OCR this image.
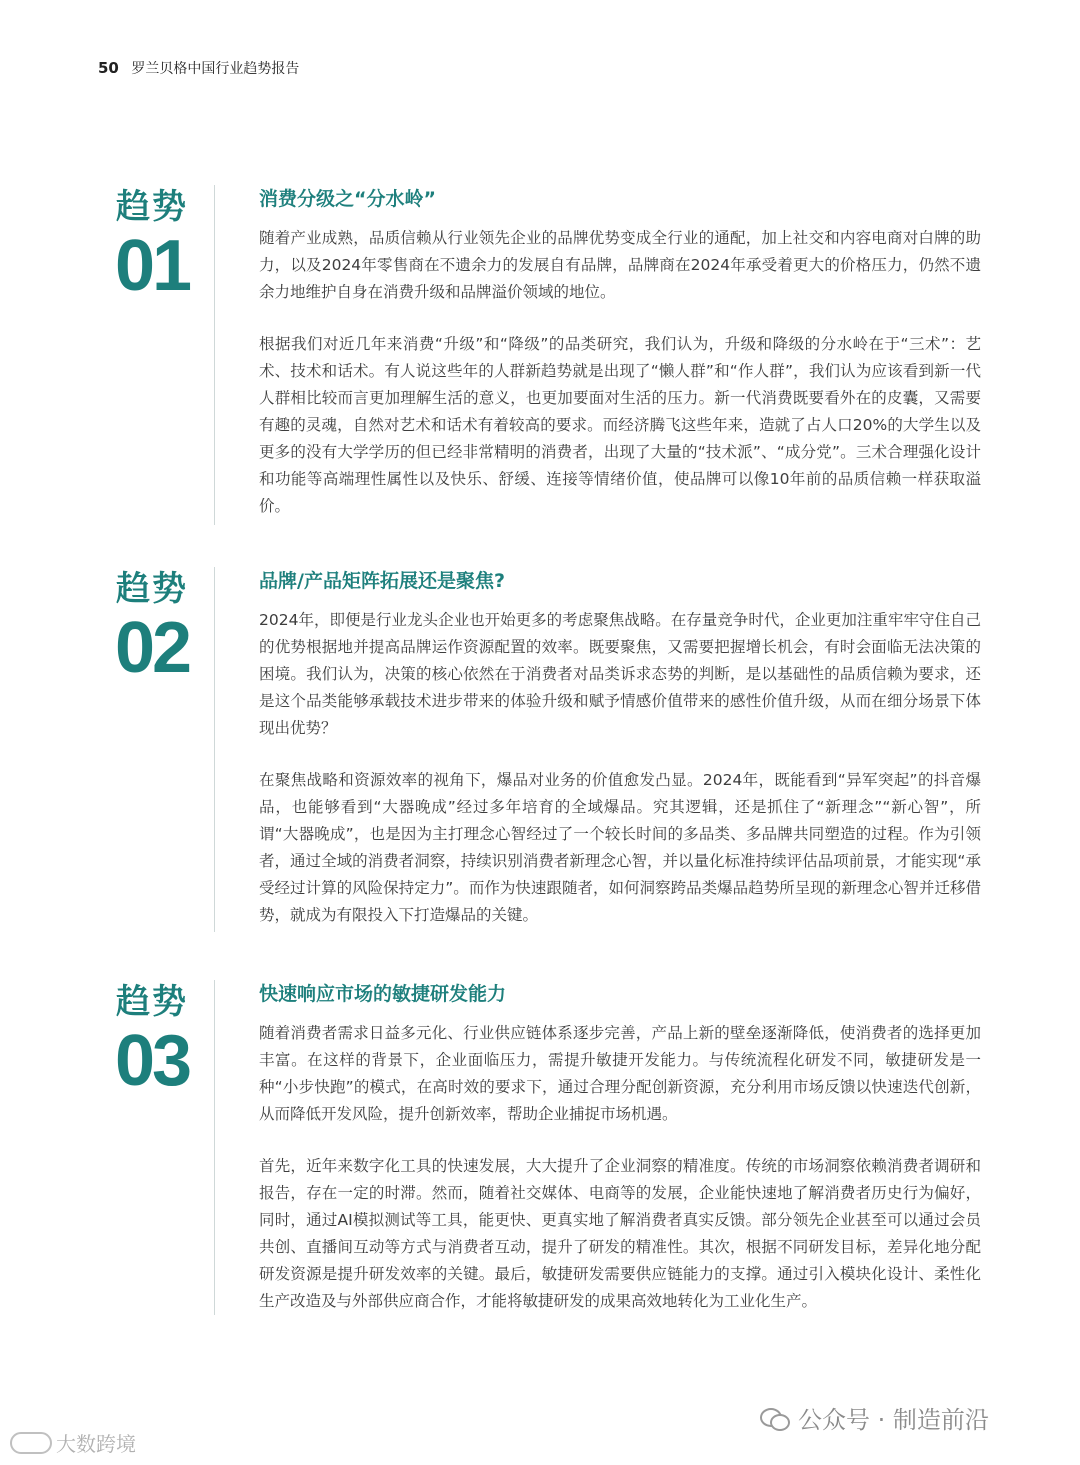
50 罗兰贝格中国行业趋势报告
趋势
01
消费分级之“分水岭”

随着产业成熟，品质信赖从行业领先企业的品牌优势变成全行业的通配，加上社交和内容电商对白牌的助力，以及2024年零售商在不遗余力的发展自有品牌，品牌商在2024年承受着更大的价格压力，仍然不遗余力地维护自身在消费升级和品牌溢价领域的地位。

根据我们对近几年来消费“升级”和“降级”的品类研究，我们认为，升级和降级的分水岭在于“三术”：艺术、技术和话术。有人说这些年的人群新趋势就是出现了“懒人群”和“作人群”，我们认为应该看到新一代人群相比较而言更加理解生活的意义，也更加要面对生活的压力。新一代消费既要看外在的皮囊，又需要有趣的灵魂，自然对艺术和话术有着较高的要求。而经济腾飞这些年来，造就了占人口20%的大学生以及更多的没有大学学历的但已经非常精明的消费者，出现了大量的“技术派”、“成分党”。三术合理强化设计和功能等高端理性属性以及快乐、舒缓、连接等情绪价值，使品牌可以像10年前的品质信赖一样获取溢价。

趋势
02
品牌/产品矩阵拓展还是聚焦?

2024年，即便是行业龙头企业也开始更多的考虑聚焦战略。在存量竞争时代，企业更加注重牢牢守住自己的优势根据地并提高品牌运作资源配置的效率。既要聚焦，又需要把握增长机会，有时会面临无法决策的困境。我们认为，决策的核心依然在于消费者对品类诉求态势的判断，是以基础性的品质信赖为要求，还是这个品类能够承载技术进步带来的体验升级和赋予情感价值带来的感性价值升级，从而在细分场景下体现出优势？

在聚焦战略和资源效率的视角下，爆品对业务的价值愈发凸显。2024年，既能看到“异军突起”的抖音爆品，也能够看到“大器晚成”经过多年培育的全域爆品。究其逻辑，还是抓住了“新理念”“新心智”，所谓“大器晚成”，也是因为主打理念心智经过了一个较长时间的多品类、多品牌共同塑造的过程。作为引领者，通过全域的消费者洞察，持续识别消费者新理念心智，并以量化标准持续评估品项前景，才能实现“承受经过计算的风险保持定力”。而作为快速跟随者，如何洞察跨品类爆品趋势所呈现的新理念心智并迁移借势，就成为有限投入下打造爆品的关键。

趋势
03
快速响应市场的敏捷研发能力

随着消费者需求日益多元化、行业供应链体系逐步完善，产品上新的壁垒逐渐降低，使消费者的选择更加丰富。在这样的背景下，企业面临压力，需提升敏捷开发能力。与传统流程化研发不同，敏捷研发是一种“小步快跑”的模式，在高时效的要求下，通过合理分配创新资源，充分利用市场反馈以快速迭代创新，从而降低开发风险，提升创新效率，帮助企业捕捉市场机遇。

首先，近年来数字化工具的快速发展，大大提升了企业洞察的精准度。传统的市场洞察依赖消费者调研和报告，存在一定的时滞。然而，随着社交媒体、电商等的发展，企业能快速地了解消费者历史行为偏好，同时，通过AI模拟测试等工具，能更快、更真实地了解消费者真实反馈。部分领先企业甚至可以通过会员共创、直播间互动等方式与消费者互动，提升了研发的精准性。其次，根据不同研发目标，差异化地分配研发资源是提升研发效率的关键。最后，敏捷研发需要供应链能力的支撑。通过引入模块化设计、柔性化生产改造及与外部供应商合作，才能将敏捷研发的成果高效地转化为工业化生产。

公众号 · 制造前沿
大数跨境
